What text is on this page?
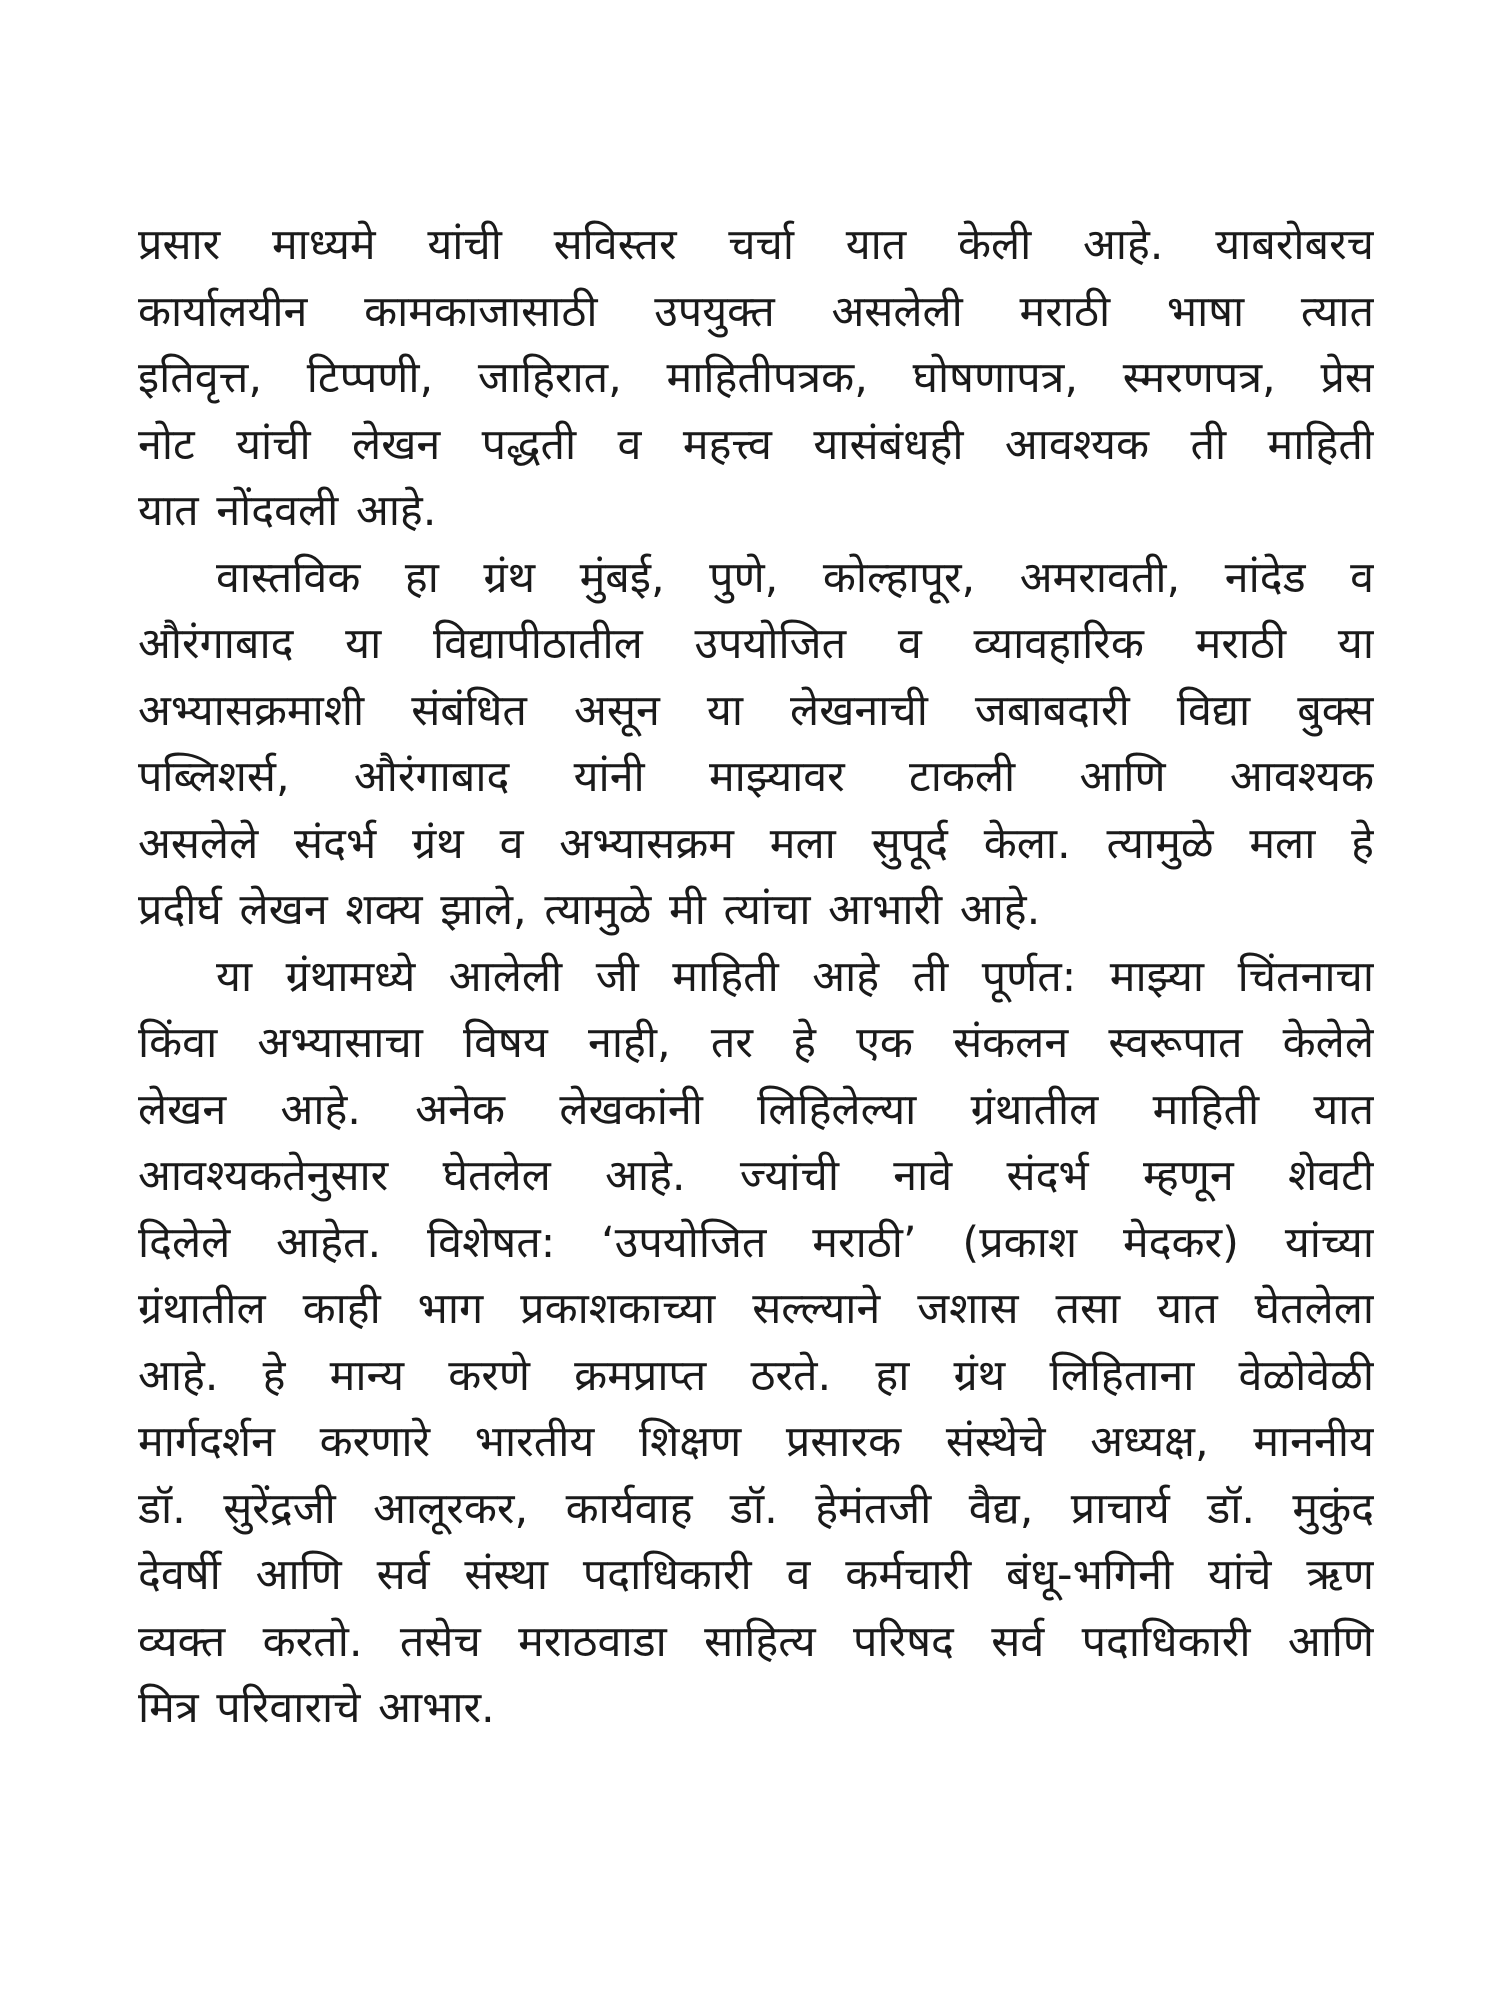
प्रसार माध्यमे यांची सविस्तर चर्चा यात केली आहे. याबरोबरच
कार्यालयीन कामकाजासाठी उपयुक्त असलेली मराठी भाषा त्यात
इतिवृत्त, टिप्पणी, जाहिरात, माहितीपत्रक, घोषणापत्र, स्मरणपत्र, प्रेस
नोट यांची लेखन पद्धती व महत्त्व यासंबंधही आवश्यक ती माहिती
यात नोंदवली आहे.
वास्तविक हा ग्रंथ मुंबई, पुणे, कोल्हापूर, अमरावती, नांदेड व
औरंगाबाद या विद्यापीठातील उपयोजित व व्यावहारिक मराठी या
अभ्यासक्रमाशी संबंधित असून या लेखनाची जबाबदारी विद्या बुक्स
पब्लिशर्स, औरंगाबाद यांनी माझ्यावर टाकली आणि आवश्यक
असलेले संदर्भ ग्रंथ व अभ्यासक्रम मला सुपूर्द केला. त्यामुळे मला हे
प्रदीर्घ लेखन शक्य झाले, त्यामुळे मी त्यांचा आभारी आहे.
या ग्रंथामध्ये आलेली जी माहिती आहे ती पूर्णत: माझ्या चिंतनाचा
किंवा अभ्यासाचा विषय नाही, तर हे एक संकलन स्वरूपात केलेले
लेखन आहे. अनेक लेखकांनी लिहिलेल्या ग्रंथातील माहिती यात
आवश्यकतेनुसार घेतलेल आहे. ज्यांची नावे संदर्भ म्हणून शेवटी
दिलेले आहेत. विशेषत: ‘उपयोजित मराठी’ (प्रकाश मेदकर) यांच्या
ग्रंथातील काही भाग प्रकाशकाच्या सल्ल्याने जशास तसा यात घेतलेला
आहे. हे मान्य करणे क्रमप्राप्त ठरते. हा ग्रंथ लिहिताना वेळोवेळी
मार्गदर्शन करणारे भारतीय शिक्षण प्रसारक संस्थेचे अध्यक्ष, माननीय
डॉ. सुरेंद्रजी आलूरकर, कार्यवाह डॉ. हेमंतजी वैद्य, प्राचार्य डॉ. मुकुंद
देवर्षी आणि सर्व संस्था पदाधिकारी व कर्मचारी बंधू-भगिनी यांचे ऋण
व्यक्त करतो. तसेच मराठवाडा साहित्य परिषद सर्व पदाधिकारी आणि
मित्र परिवाराचे आभार.
